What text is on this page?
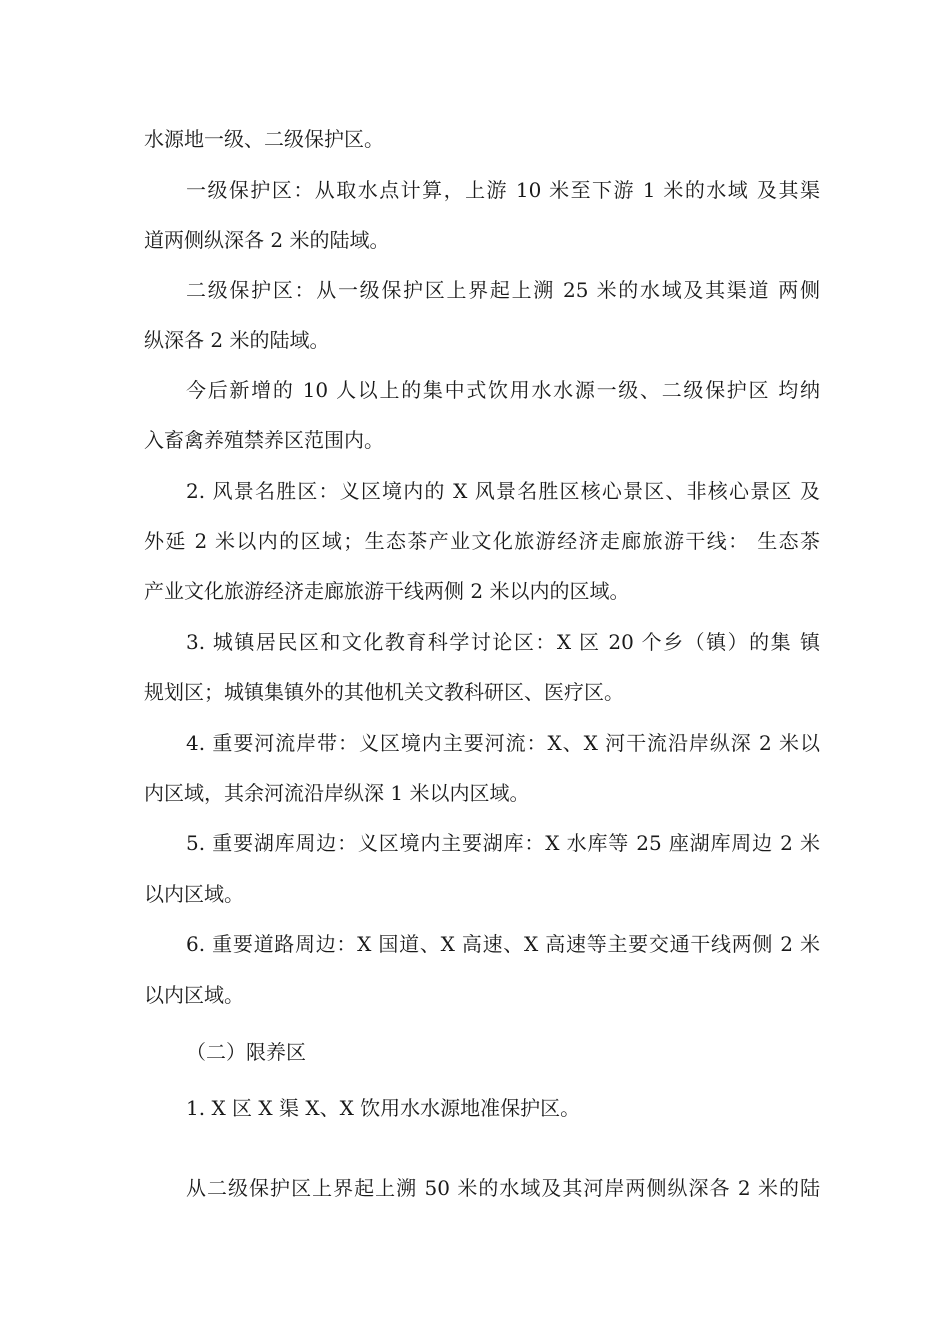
水源地一级、二级保护区。
一级保护区：从取水点计算，上游 10 米至下游 1 米的水域 及其渠
道两侧纵深各 2 米的陆域。
二级保护区：从一级保护区上界起上溯 25 米的水域及其渠道 两侧
纵深各 2 米的陆域。
今后新增的 10 人以上的集中式饮用水水源一级、二级保护区 均纳
入畜禽养殖禁养区范围内。
2. 风景名胜区：义区境内的 X 风景名胜区核心景区、非核心景区 及
外延 2 米以内的区域；生态茶产业文化旅游经济走廊旅游干线： 生态茶
产业文化旅游经济走廊旅游干线两侧 2 米以内的区域。
3. 城镇居民区和文化教育科学讨论区：X 区 20 个乡（镇）的集 镇
规划区；城镇集镇外的其他机关文教科研区、医疗区。
4. 重要河流岸带：义区境内主要河流：X、X 河干流沿岸纵深 2 米以
内区域，其余河流沿岸纵深 1 米以内区域。
5. 重要湖库周边：义区境内主要湖库：X 水库等 25 座湖库周边 2 米
以内区域。
6. 重要道路周边：X 国道、X 高速、X 高速等主要交通干线两侧 2 米
以内区域。
（二）限养区
1. X 区 X 渠 X、X 饮用水水源地准保护区。
从二级保护区上界起上溯 50 米的水域及其河岸两侧纵深各 2 米的陆
